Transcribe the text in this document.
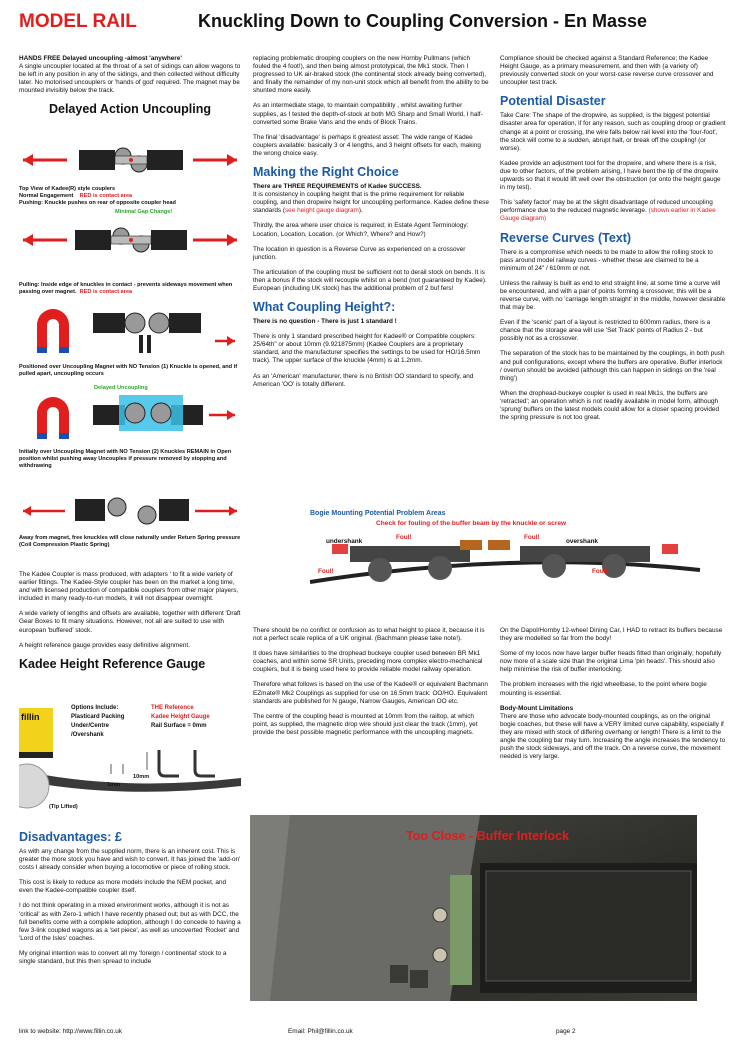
MODEL RAIL	Knuckling Down to Coupling Conversion - En Masse

HANDS FREE Delayed uncoupling -almost 'anywhere'

A single uncoupler located at the throat of a set of sidings can allow wagons to be left in any position in any of the sidings, and then collected without difficulty later. No motorised uncouplers or 'hands of god' required. The magnet may be mounted invisibly below the track.

Delayed Action Uncoupling
Top View of Kadee(R) style couplers
Normal Engagement RED is contact area
Pushing: Knuckle pushes on rear of opposite coupler head
Minimal Gap Change!
Pulling: Inside edge of knuckles in contact - prevents sideways movement when passing over magnet. RED is contact area
Positioned over Uncoupling Magnet with NO Tension (1) Knuckle is opened, and if pulled apart, uncoupling occurs
Delayed Uncoupling
Initially over Uncoupling Magnet with NO Tension (2) Knuckles REMAIN in Open position whilst pushing away Uncouples if pressure removed by stopping and withdrawing
Away from magnet, free knuckles will close naturally under Return Spring pressure (Coil Compression Plastic Spring)

The Kadee Coupler is mass produced, with adapters ' to fit a wide variety of earlier fittings. The Kadee-Style coupler has been on the market a long time, and with licensed production of compatible couplers from other major players, included in many ready-to-run models, it will not disappear overnight.

A wide variety of lengths and offsets are available, together with different 'Draft Gear Boxes to fit many situations. However, not all are suited to use with european 'buffered' stock.

A height reference gauge provides easy definitive alignment.

Kadee Height Reference Gauge
fillin
Options Include:
Plasticard Packing
Under/Centre
/Overshank
THE Reference
Kadee Height Gauge
Rail Surface = 0mm
(Tip Lifted)
1mm
10mm
Disadvantages: £

As with any change from the supplied norm, there is an inherent cost. This is greater the more stock you have and wish to convert. It has joined the 'add-on' costs I already consider when buying a locomotive or piece of rolling stock.

This cost is likely to reduce as more models include the NEM pocket, and even the Kadee-compatible coupler itself.

I do not think operating in a mixed environment works, although it is not as 'critical' as with Zero-1 which I have recently phased out; but as with DCC, the full benefits come with a complete adoption, although I do concede to having a few 3-link coupled wagons as a 'set piece', as well as uncoverted 'Rocket' and 'Lord of the Isles' coaches.

My original intention was to convert all my 'foreign / continental' stock to a single standard, but this then spread to include

replacing problematic drooping couplers on the new Hornby Pullmans (which fouled the 4 foot!), and then being almost prototypical, the Mk1 stock. Then I progressed to UK air-braked stock (the continental stock already being converted), and finally the remainder of my non-unit stock which all benefit from the ability to be shunted more easily.

As an intermediate stage, to maintain compatibility , whilst awaiting further supplies, as I tested the depth-of-stock at both MG Sharp and Small World, I half-converted some Brake Vans and the ends of Block Trains.

The final 'disadvantage' is perhaps it greatest asset: The wide range of Kadee couplers available: basically 3 or 4 lengths, and 3 height offsets for each, making the wrong choice easy.

Making the Right Choice

There are THREE REQUIREMENTS of Kadee SUCCESS.
It is consistency in coupling height that is the prime requirement for reliable coupling, and then dropwire height for uncoupling performance. Kadee define these standards (see height gauge diagram).

Thirdly, the area where user choice is required; in Estate Agent Terminology: Location, Location, Location. (or Which?, Where? and How?)

The location in question is a Reverse Curve as experienced on a crossover junction.

The articulation of the coupling must be sufficient not to derail stock on bends. It is then a bonus if the stock will recouple whilst on a bend (not guaranteed by Kadee). European (including UK stock) has the additional problem of 2 buf fers!

What Coupling Height?:

There is no question - There is just 1 standard !

There is only 1 standard prescribed height for Kadee® or Compatible couplers: 25/64th" or about 10mm (9.921875mm) (Kadee Couplers are a proprietary standard, and the manufacturer specifies the settings to be used for HO/16.5mm track). The upper surface of the knuckle (4mm) is at 1.2mm.

As an 'American' manufacturer, there is no British OO standard to specify, and American 'OO' is totally different.

Bogie Mounting Potential Problem Areas
Check for fouling of the buffer beam by the knuckle or screw
undershank	overshank
Foul!	Foul!
Foul!	Foul!

There should be no conflict or confusion as to what height to place it, because it is not a perfect scale replica of a UK original. (Bachmann please take note!).

It does have similarities to the drophead buckeye coupler used between BR Mk1 coaches, and within some SR Units, preceding more complex electro-mechanical couplers, but it is being used here to provide reliable model railway operation.

Therefore what follows is based on the use of the Kadee® or equivalent Bachmann EZmate® Mk2 Couplings as supplied for use on 16.5mm track: OO/HO. Equivalent standards are published for N gauge, Narrow Gauges, American OO etc.

The centre of the coupling head is mounted at 10mm from the railtop, at which point, as supplied, the magnetic drop wire should just clear the track (1mm), yet provide the best possible magnetic performance with the uncoupling magnets.

Compliance should be checked against a Standard Reference; the Kadee Height Gauge, as a primary measurement, and then with (a variety of) previously converted stock on your worst-case reverse curve crossover and uncoupler test track.

Potential Disaster

Take Care: The shape of the dropwire, as supplied, is the biggest potential disaster area for operation, if for any reason, such as coupling droop or gradient change at a point or crossing, the wire falls below rail level into the 'four-foot', the stock will come to a sudden, abrupt halt, or break off the coupling! (or worse).

Kadee provide an adjustment tool for the dropwire, and where there is a risk, due to other factors, of the problem arising, I have bent the tip of the dropwire upwards so that it would lift well over the obstruction (or onto the height gauge in my test).

This 'safety factor' may be at the slight disadvantage of reduced uncoupling performance due to the reduced magnetic leverage. (shown earlier in Kadee Gauge diagram)

Reverse Curves (Text)

There is a compromise which needs to be made to allow the rolling stock to pass around model railway curves - whether these are claimed to be a minimum of 24" / 610mm or not.

Unless the railway is built as end to end straight line, at some time a curve will be encountered, and with a pair of points forming a crossover, this will be a reverse curve, with no 'carriage length straight' in the middle, however desirable that may be.

Even if the 'scenic' part of a layout is restricted to 600mm radius, there is a chance that the storage area will use 'Set Track' points of Radius 2 - but possibly not as a crossover.

The separation of the stock has to be maintained by the couplings, in both push and pull configurations, except where the buffers are operative. Buffer interlock / overrun should be avoided (although this can happen in sidings on the 'real thing')

When the drophead-buckeye coupler is used in real Mk1s, the buffers are 'retracted'; an operation which is not readily available in model form, although 'sprung' buffers on the latest models could allow for a closer spacing provided the spring pressure is not too great.

On the Dapol/Hornby 12-wheel Dining Car, I HAD to retract its buffers because they are modelled so far from the body!

Some of my locos now have larger buffer heads fitted than originally; hopefully now more of a scale size than the original Lima 'pin heads'. This should also help minimise the risk of buffer interlocking.

The problem increases with the rigid wheelbase, to the point where bogie mounting is essential.

Body-Mount Limitations

There are those who advocate body-mounted couplings, as on the original bogie coaches, but these will have a VERY limited curve capability, especially if they are mixed with stock of differing overhang or length! There is a limit to the angle the coupling bar may turn. Increasing the angle increases the tendency to push the stock sideways, and off the track. On a reverse curve, the movement needed is very large.

Too Close - Buffer Interlock
link to website: http://www.fillin.co.uk	Email: Phil@fillin.co.uk	page 2
